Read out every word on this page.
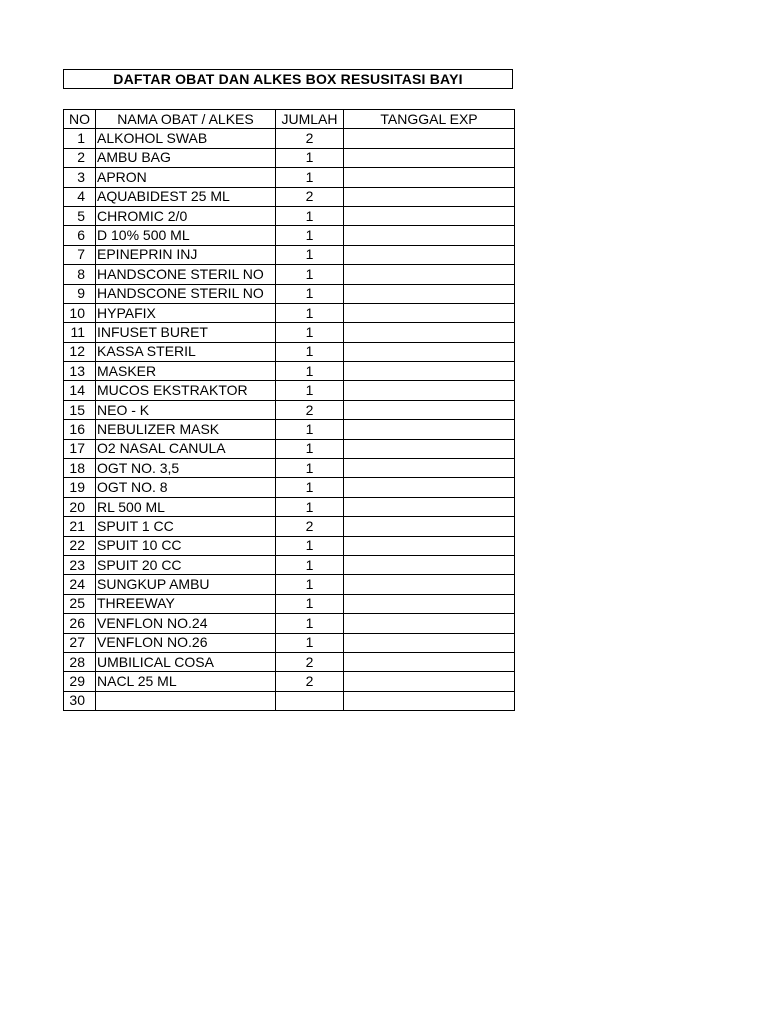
DAFTAR OBAT DAN ALKES BOX RESUSITASI BAYI
NO	NAMA OBAT / ALKES	JUMLAH	TANGGAL EXP
1	ALKOHOL SWAB	2	
2	AMBU BAG	1	
3	APRON	1	
4	AQUABIDEST 25 ML	2	
5	CHROMIC 2/0	1	
6	D 10% 500 ML	1	
7	EPINEPRIN INJ	1	
8	HANDSCONE STERIL NO	1	
9	HANDSCONE STERIL NO	1	
10	HYPAFIX	1	
11	INFUSET BURET	1	
12	KASSA STERIL	1	
13	MASKER	1	
14	MUCOS EKSTRAKTOR	1	
15	NEO - K	2	
16	NEBULIZER MASK	1	
17	O2 NASAL CANULA	1	
18	OGT NO. 3,5	1	
19	OGT NO. 8	1	
20	RL 500 ML	1	
21	SPUIT 1 CC	2	
22	SPUIT 10 CC	1	
23	SPUIT 20 CC	1	
24	SUNGKUP AMBU	1	
25	THREEWAY	1	
26	VENFLON NO.24	1	
27	VENFLON NO.26	1	
28	UMBILICAL COSA	2	
29	NACL 25 ML	2	
30			
